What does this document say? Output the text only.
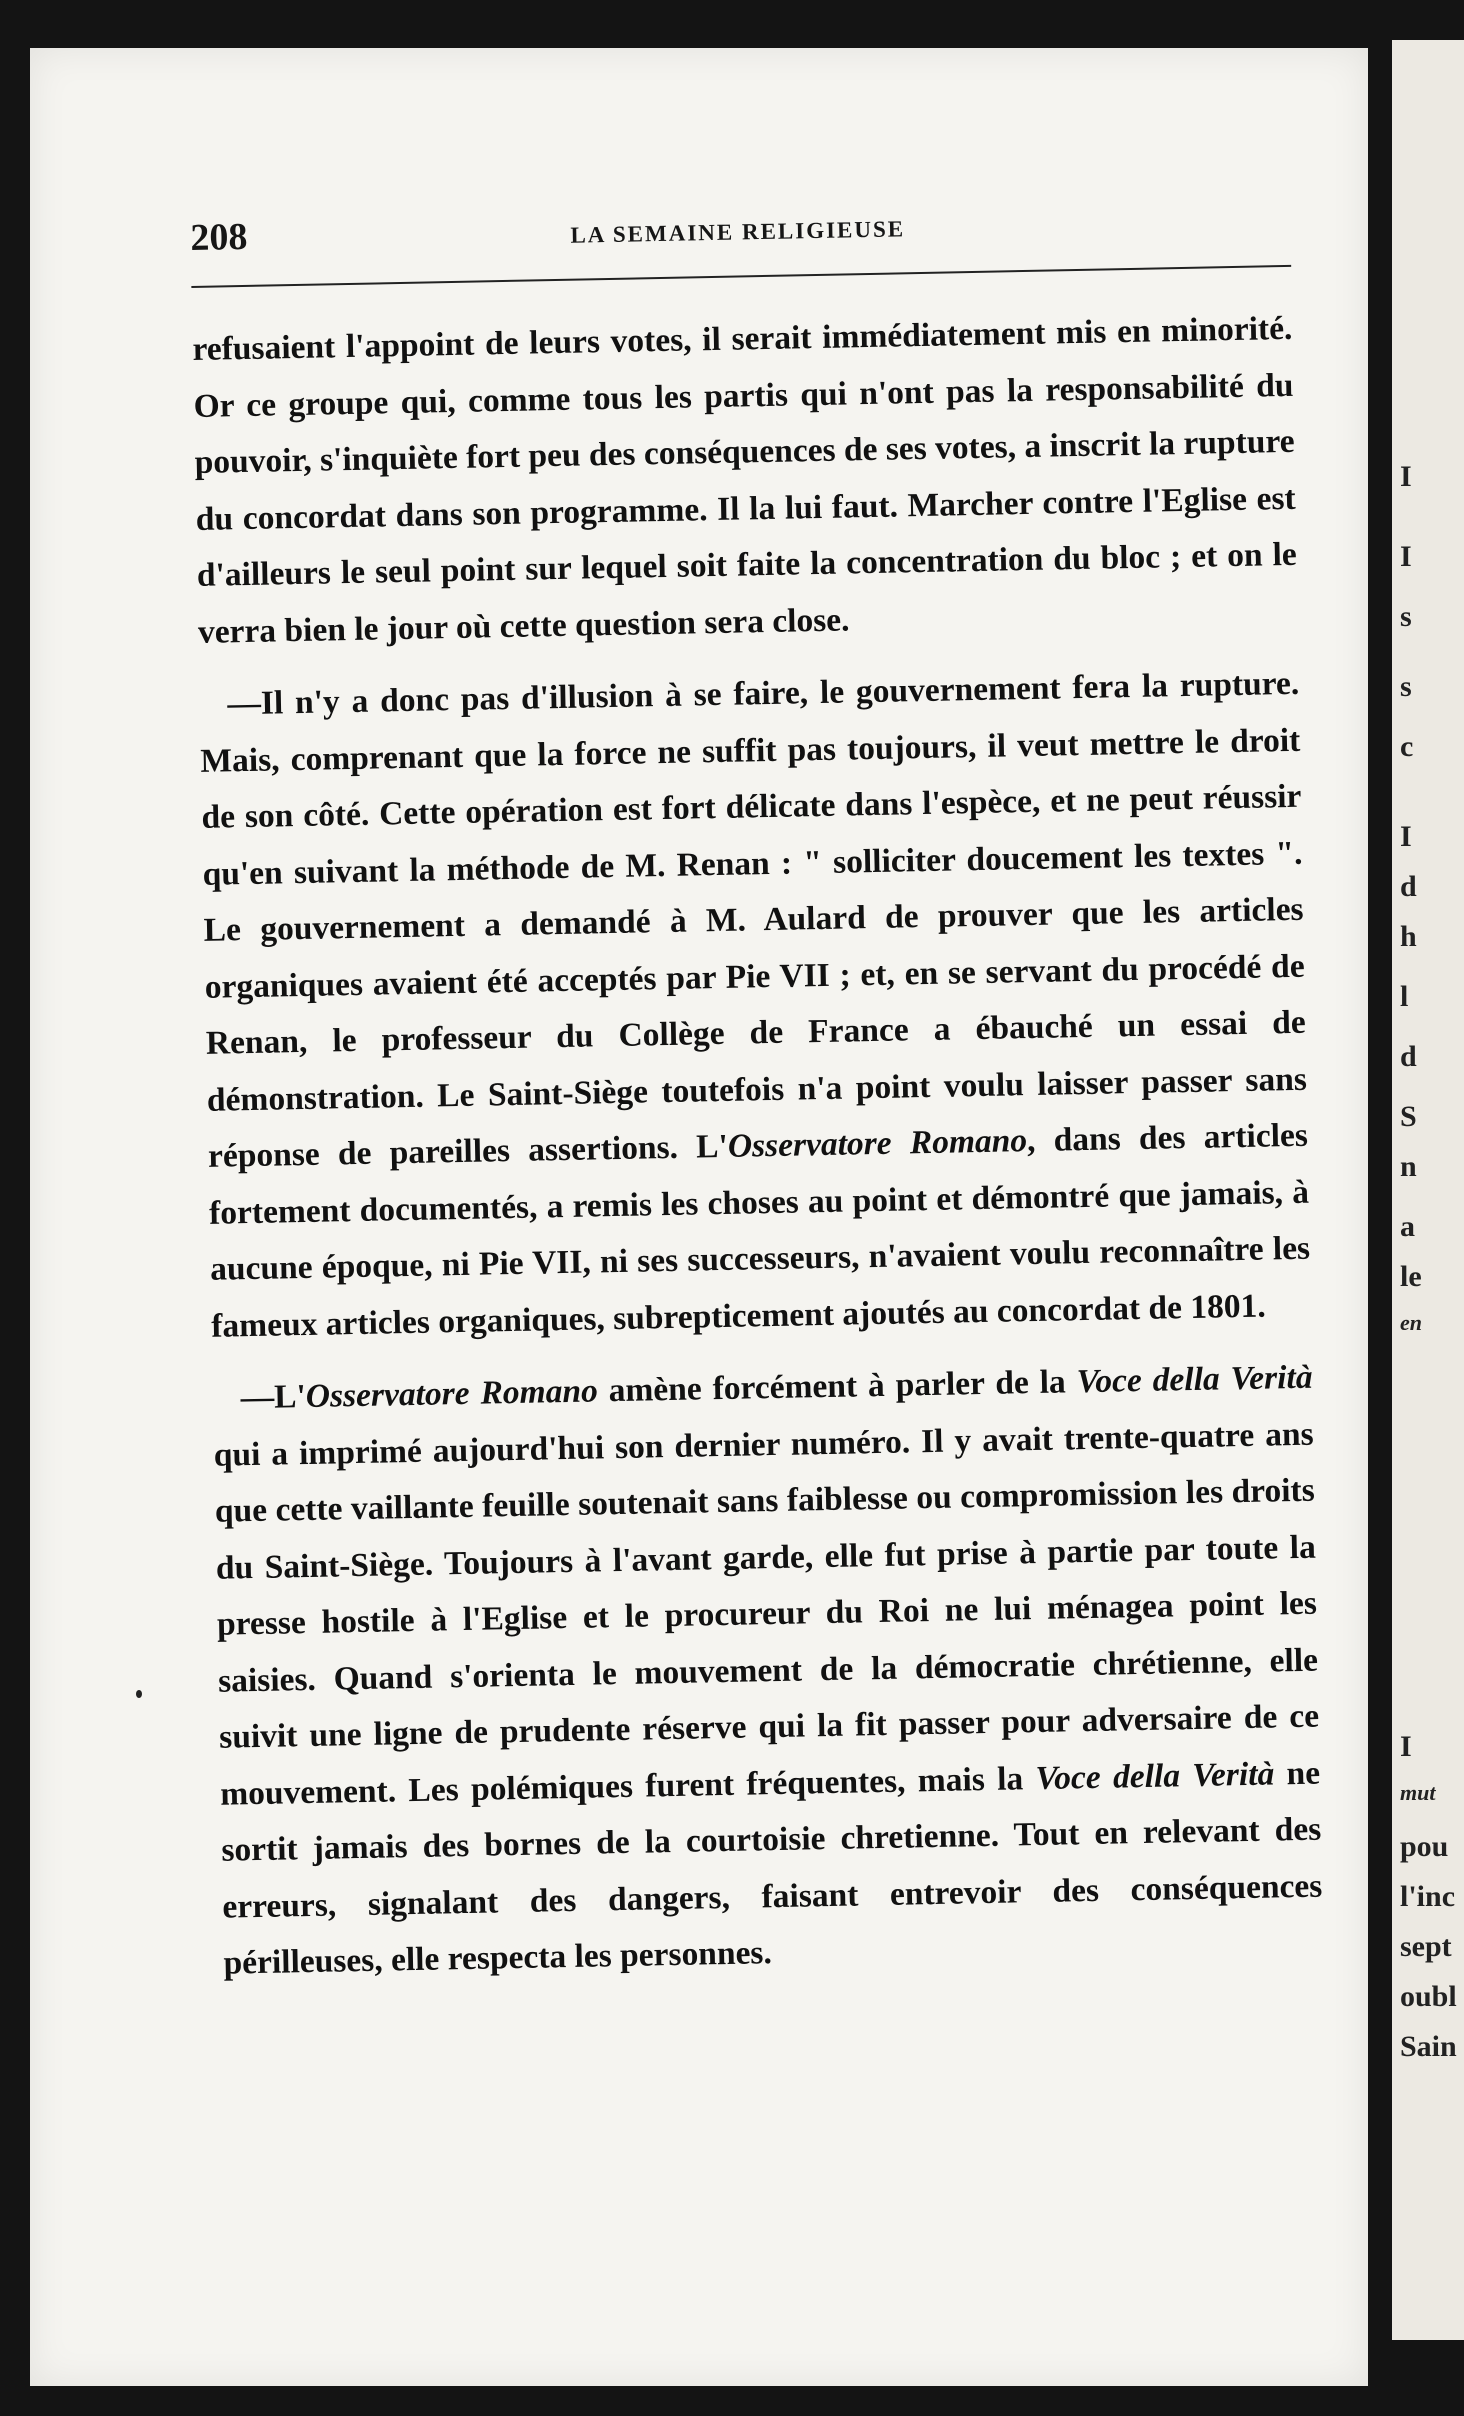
208	LA SEMAINE RELIGIEUSE

refusaient l'appoint de leurs votes, il serait immédiatement mis en minorité. Or ce groupe qui, comme tous les partis qui n'ont pas la responsabilité du pouvoir, s'inquiète fort peu des conséquences de ses votes, a inscrit la rupture du concordat dans son programme. Il la lui faut. Marcher contre l'Eglise est d'ailleurs le seul point sur lequel soit faite la concentration du bloc ; et on le verra bien le jour où cette question sera close.

—Il n'y a donc pas d'illusion à se faire, le gouvernement fera la rupture. Mais, comprenant que la force ne suffit pas toujours, il veut mettre le droit de son côté. Cette opération est fort délicate dans l'espèce, et ne peut réussir qu'en suivant la méthode de M. Renan : " solliciter doucement les textes ". Le gouvernement a demandé à M. Aulard de prouver que les articles organiques avaient été acceptés par Pie VII ; et, en se servant du procédé de Renan, le professeur du Collège de France a ébauché un essai de démonstration. Le Saint-Siège toutefois n'a point voulu laisser passer sans réponse de pareilles assertions. L'Osservatore Romano, dans des articles fortement documentés, a remis les choses au point et démontré que jamais, à aucune époque, ni Pie VII, ni ses successeurs, n'avaient voulu reconnaître les fameux articles organiques, subrepticement ajoutés au concordat de 1801.

—L'Osservatore Romano amène forcément à parler de la Voce della Verità qui a imprimé aujourd'hui son dernier numéro. Il y avait trente-quatre ans que cette vaillante feuille soutenait sans faiblesse ou compromission les droits du Saint-Siège. Toujours à l'avant garde, elle fut prise à partie par toute la presse hostile à l'Eglise et le procureur du Roi ne lui ménagea point les saisies. Quand s'orienta le mouvement de la démocratie chrétienne, elle suivit une ligne de prudente réserve qui la fit passer pour adversaire de ce mouvement. Les polémiques furent fréquentes, mais la Voce della Verità ne sortit jamais des bornes de la courtoisie chretienne. Tout en relevant des erreurs, signalant des dangers, faisant entrevoir des conséquences périlleuses, elle respecta les personnes.

I
I
s
s
c
I
d
h
l
d
S
n
a
le
en
I
mut
pou
l'inc
sept
oubl
Sain
